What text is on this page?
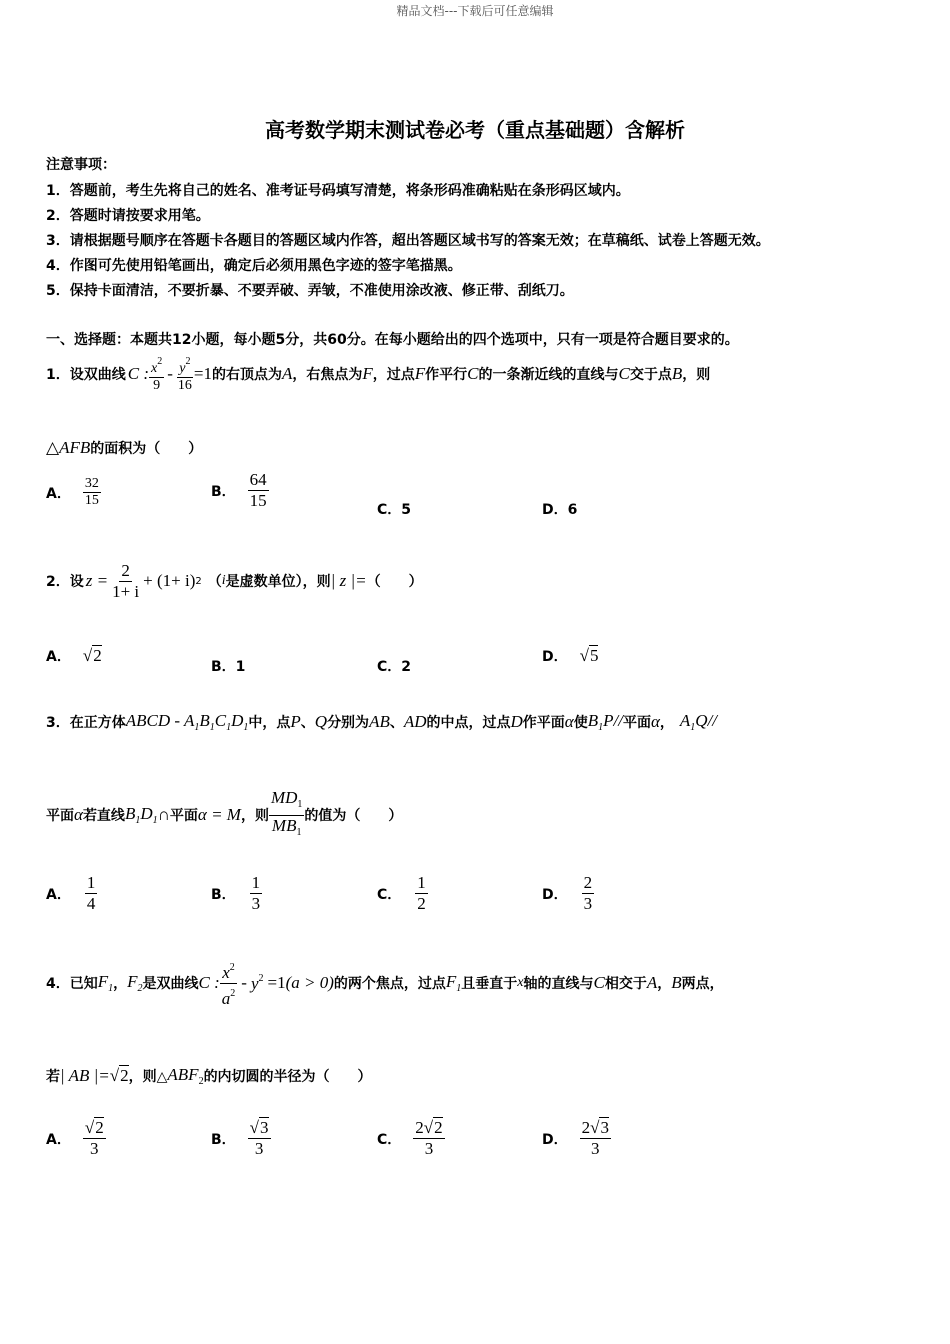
精品文档---下载后可任意编辑
高考数学期末测试卷必考（重点基础题）含解析
注意事项：
1．答题前，考生先将自己的姓名、准考证号码填写清楚，将条形码准确粘贴在条形码区域内。
2．答题时请按要求用笔。
3．请根据题号顺序在答题卡各题目的答题区域内作答，超出答题区域书写的答案无效；在草稿纸、试卷上答题无效。
4．作图可先使用铅笔画出，确定后必须用黑色字迹的签字笔描黑。
5．保持卡面清洁，不要折暴、不要弄破、弄皱，不准使用涂改液、修正带、刮纸刀。
一、选择题：本题共12小题，每小题5分，共60分。在每小题给出的四个选项中，只有一项是符合题目要求的。
1．设双曲线 C : $\frac{x^2}{9} - \frac{y^2}{16} =1$ 的右顶点为 A ，右焦点为 F ，过点 F 作平行 C 的一条渐近线的直线与 C 交于点 B ，则
△AFB的面积为（　　）
A． $\frac{32}{15}$	B． $\frac{64}{15}$	C．5	D．6
2．设 $z = \frac{2}{1+ i} + (1+ i)$ 2 （ i 是虚数单位），则 | z |= （　　）
A． √2
B．1	C．2
D． √5
3．在正方体 ABCD - $A_1B_1C_1D_1$ 中，点 P 、 Q 分别为 AB 、 AD 的中点，过点 D 作平面 α 使 $B_1P//$ 平面 α ， $A_1Q//$
平面 α 若直线 $B_1D_1$ ∩ 平面 α = M ，则 $\frac{MD_1}{MB_1}$ 的值为（　　）
A． $\frac{1}{4}$	B． $\frac{1}{3}$	C． $\frac{1}{2}$	D． $\frac{2}{3}$
4．已知 $F_1$ ， $F_2$ 是双曲线 C : $\frac{x^2}{a^2} - y^2 =1$ (a > 0) 的两个焦点，过点 $F_1$ 且垂直于 x 轴的直线与 C 相交于 A ， B 两点，
若 | AB |= √2 ，则△ $ABF_2$ 的内切圆的半径为（　　）
A． $\frac{√2}{3}$	B． $\frac{√3}{3}$	C． $\frac{2√2}{3}$	D． $\frac{2√3}{3}$
